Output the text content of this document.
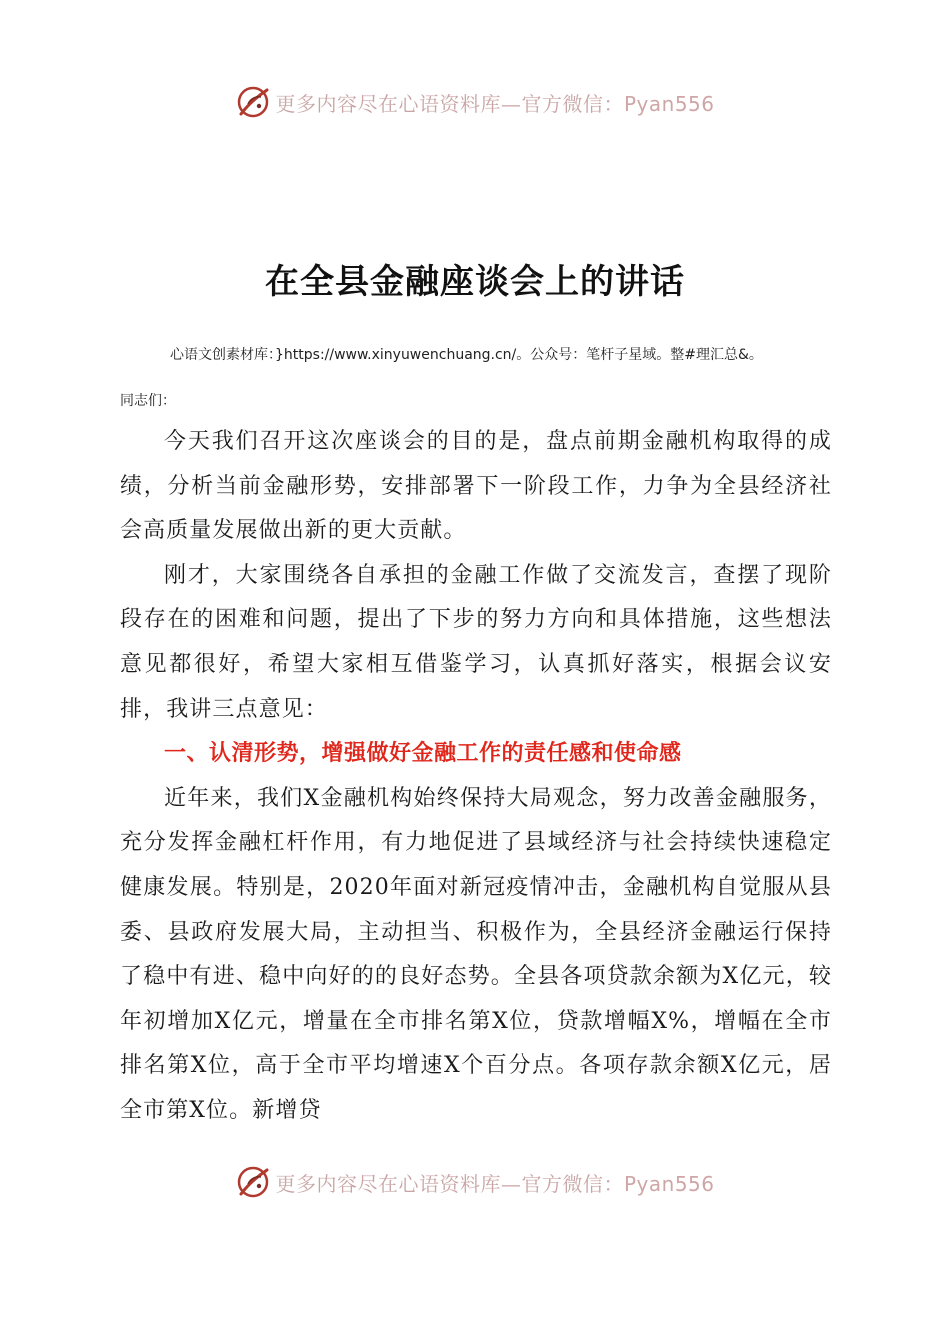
更多内容尽在心语资料库—官方微信：Pyan556
在全县金融座谈会上的讲话
心语文创素材库：}https://www.xinyuwenchuang.cn/。公众号：笔杆子星域。整#理汇总&。
同志们：

今天我们召开这次座谈会的目的是，盘点前期金融机构取得的成绩，分析当前金融形势，安排部署下一阶段工作，力争为全县经济社会高质量发展做出新的更大贡献。

刚才，大家围绕各自承担的金融工作做了交流发言，查摆了现阶段存在的困难和问题，提出了下步的努力方向和具体措施，这些想法意见都很好，希望大家相互借鉴学习，认真抓好落实，根据会议安排，我讲三点意见：

一、认清形势，增强做好金融工作的责任感和使命感

近年来，我们X金融机构始终保持大局观念，努力改善金融服务，充分发挥金融杠杆作用，有力地促进了县域经济与社会持续快速稳定健康发展。特别是，2020年面对新冠疫情冲击，金融机构自觉服从县委、县政府发展大局，主动担当、积极作为，全县经济金融运行保持了稳中有进、稳中向好的的良好态势。全县各项贷款余额为X亿元，较年初增加X亿元，增量在全市排名第X位，贷款增幅X%，增幅在全市排名第X位，高于全市平均增速X个百分点。各项存款余额X亿元，居全市第X位。新增贷

更多内容尽在心语资料库—官方微信：Pyan556
